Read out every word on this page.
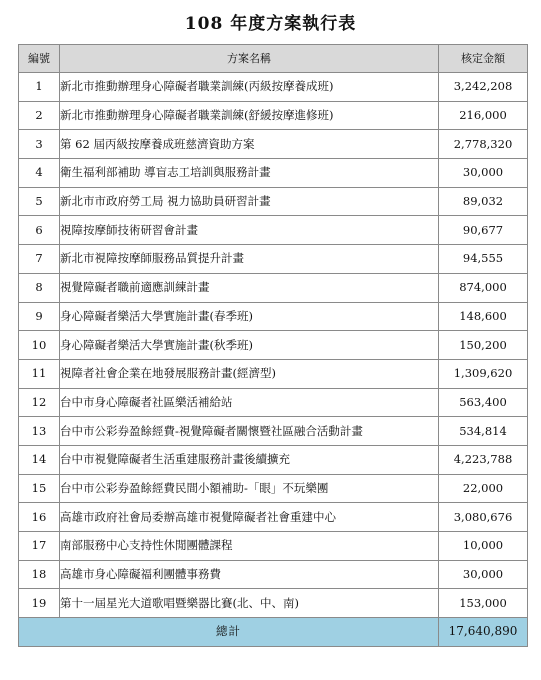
108 年度方案執行表
編號	方案名稱	核定金額
1	新北市推動辦理身心障礙者職業訓練(丙級按摩養成班)	3,242,208
2	新北市推動辦理身心障礙者職業訓練(舒緩按摩進修班)	216,000
3	第 62 屆丙級按摩養成班慈濟資助方案	2,778,320
4	衛生福利部補助 導盲志工培訓與服務計畫	30,000
5	新北市市政府勞工局 視力協助員研習計畫	89,032
6	視障按摩師技術研習會計畫	90,677
7	新北市視障按摩師服務品質提升計畫	94,555
8	視覺障礙者職前適應訓練計畫	874,000
9	身心障礙者樂活大學實施計畫(春季班)	148,600
10	身心障礙者樂活大學實施計畫(秋季班)	150,200
11	視障者社會企業在地發展服務計畫(經濟型)	1,309,620
12	台中市身心障礙者社區樂活補給站	563,400
13	台中市公彩券盈餘經費-視覺障礙者關懷暨社區融合活動計畫	534,814
14	台中市視覺障礙者生活重建服務計畫後續擴充	4,223,788
15	台中市公彩券盈餘經費民間小額補助-「眼」不玩樂團	22,000
16	高雄市政府社會局委辦高雄市視覺障礙者社會重建中心	3,080,676
17	南部服務中心支持性休閒團體課程	10,000
18	高雄市身心障礙福利團體事務費	30,000
19	第十一屆星光大道歌唱暨樂器比賽(北、中、南)	153,000
總計		17,640,890
